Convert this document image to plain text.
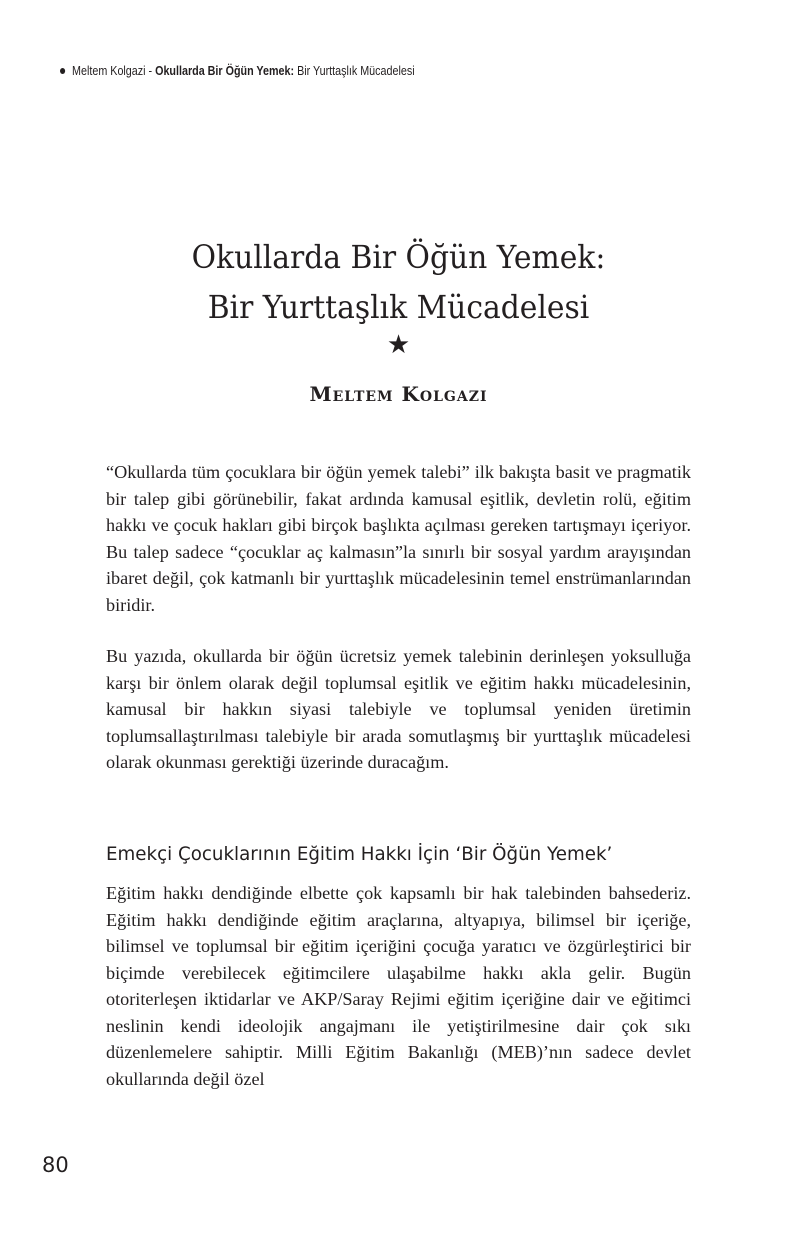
Meltem Kolgazi - Okullarda Bir Öğün Yemek: Bir Yurttaşlık Mücadelesi
Okullarda Bir Öğün Yemek:
Bir Yurttaşlık Mücadelesi
★
Meltem Kolgazi

“Okullarda tüm çocuklara bir öğün yemek talebi” ilk bakışta basit ve pragmatik bir talep gibi görünebilir, fakat ardında kamusal eşitlik, devletin rolü, eğitim hakkı ve çocuk hakları gibi birçok başlıkta açılması gereken tartışmayı içeriyor. Bu talep sadece “çocuklar aç kalmasın”la sınırlı bir sosyal yardım arayışından ibaret değil, çok katmanlı bir yurttaşlık mücadelesinin temel enstrümanlarından biridir.

Bu yazıda, okullarda bir öğün ücretsiz yemek talebinin derinleşen yoksulluğa karşı bir önlem olarak değil toplumsal eşitlik ve eğitim hakkı mücadelesinin, kamusal bir hakkın siyasi talebiyle ve toplumsal yeniden üretimin toplumsallaştırılması talebiyle bir arada somutlaşmış bir yurttaşlık mücadelesi olarak okunması gerektiği üzerinde duracağım.

Emekçi Çocuklarının Eğitim Hakkı İçin ‘Bir Öğün Yemek’

Eğitim hakkı dendiğinde elbette çok kapsamlı bir hak talebinden bahsederiz. Eğitim hakkı dendiğinde eğitim araçlarına, altyapıya, bilimsel bir içeriğe, bilimsel ve toplumsal bir eğitim içeriğini çocuğa yaratıcı ve özgürleştirici bir biçimde verebilecek eğitimcilere ulaşabilme hakkı akla gelir. Bugün otoriterleşen iktidarlar ve AKP/Saray Rejimi eğitim içeriğine dair ve eğitimci neslinin kendi ideolojik angajmanı ile yetiştirilmesine dair çok sıkı düzenlemelere sahiptir. Milli Eğitim Bakanlığı (MEB)’nın sadece devlet okullarında değil özel

80
